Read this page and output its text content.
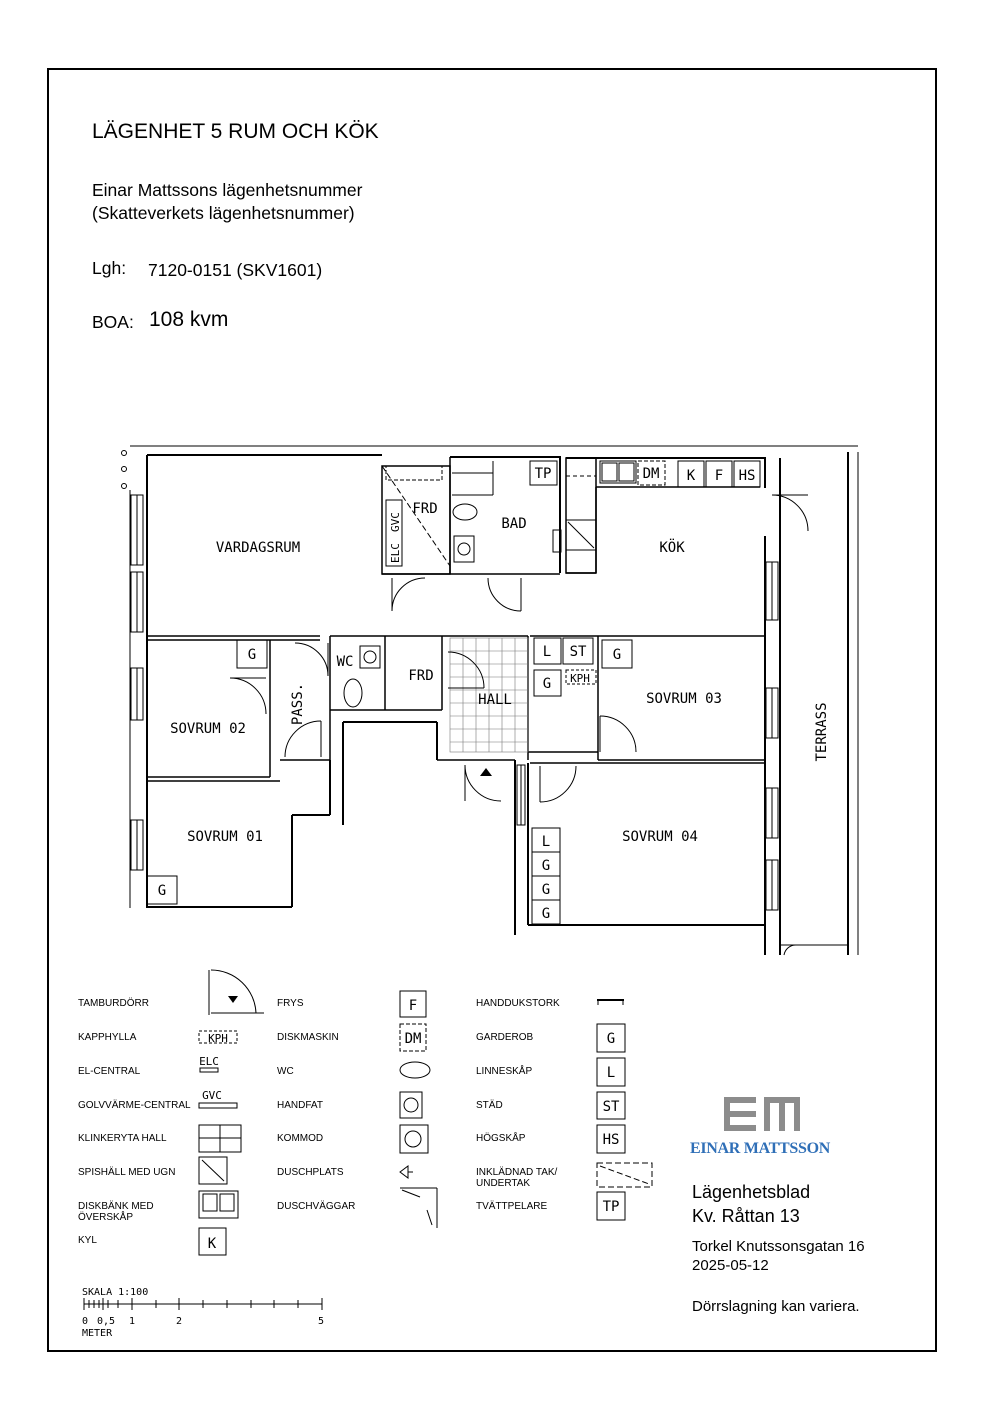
LÄGENHET 5 RUM OCH KÖK
Einar Mattssons lägenhetsnummer
(Skatteverkets lägenhetsnummer)
Lgh: 7120-0151 (SKV1601)
BOA: 108 kvm
VARDAGSRUM	KÖK
BAD
HALL
WC
SOVRUM 02
SOVRUM 01
SOVRUM 03
SOVRUM 04
FRD
FRD
PASS.	TERRASS
ELC
GVC
TP	DM K F HS
G	L ST
G KPH
G
G
L
G
G
G
KPH
ELC
GVC
K
F
DM	G
L
ST
HS
TP
SKALA 1:100
0 0,5 1	2	5
METER
TAMBURDÖRR
KAPPHYLLA
EL-CENTRAL
GOLVVÄRME-CENTRAL
KLINKERYTA HALL
SPISHÄLL MED UGN
DISKBÄNK MED ÖVERSKÅP
KYL
FRYS
DISKMASKIN
WC
HANDFAT
KOMMOD
DUSCHPLATS
DUSCHVÄGGAR
HANDDUKSTORK
GARDEROB
LINNESKÅP
STÄD
HÖGSKÅP
INKLÄDNAD TAK/ UNDERTAK
TVÄTTPELARE
EINAR MATTSSON
Lägenhetsblad
Kv. Råttan 13
Torkel Knutssonsgatan 16
2025-05-12
Dörrslagning kan variera.
